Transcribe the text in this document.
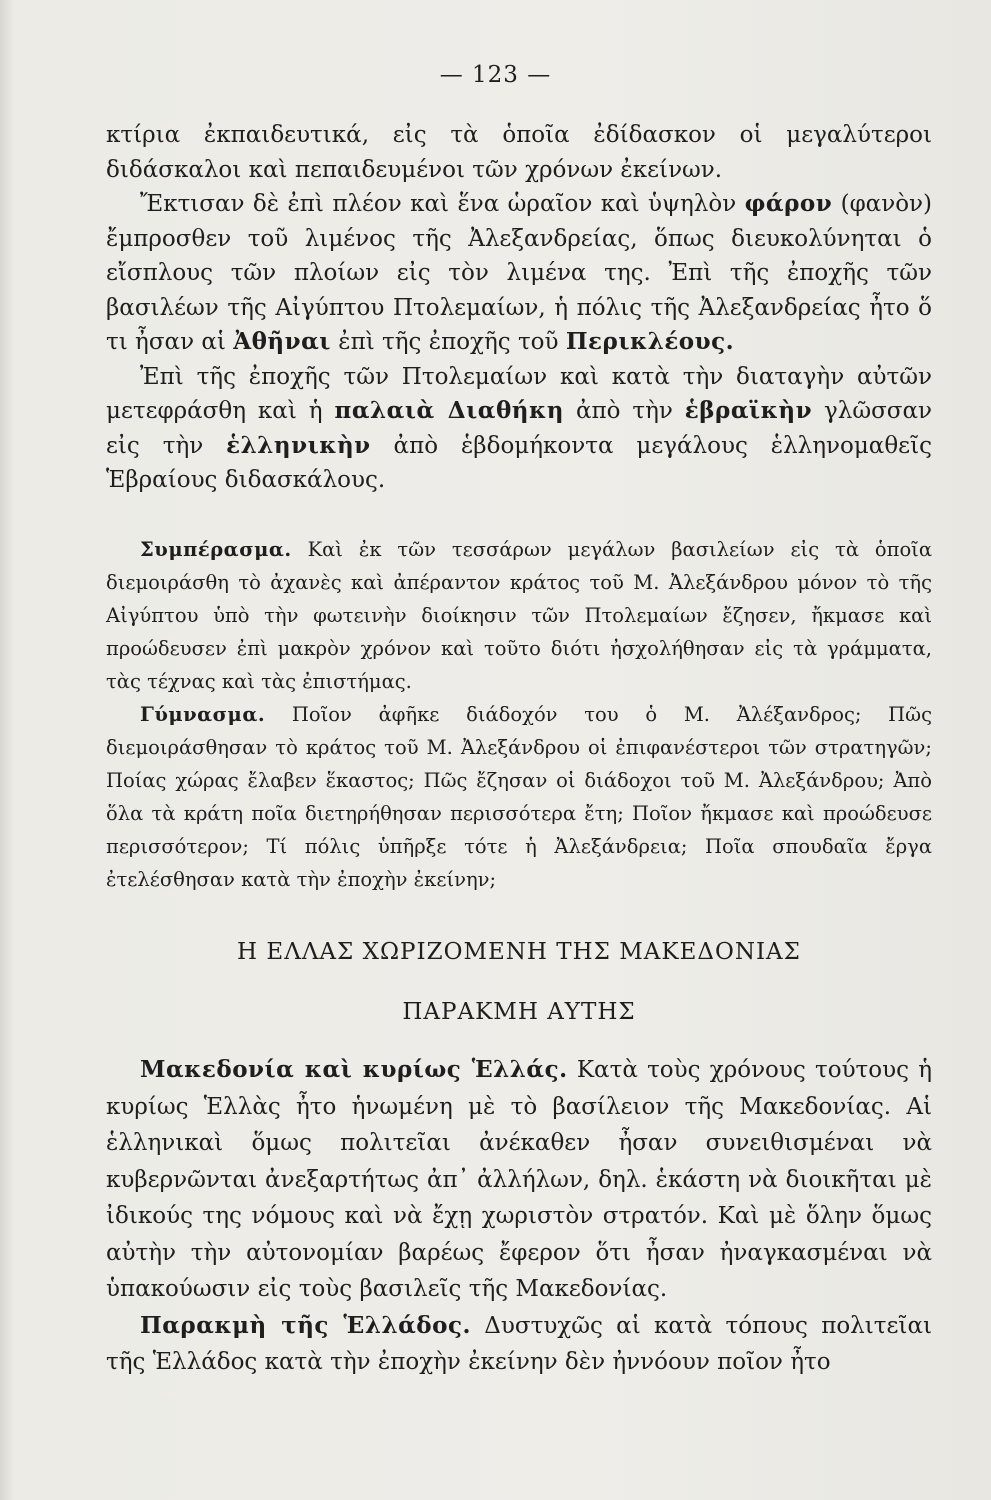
— 123 —

κτίρια ἐκπαιδευτικά, εἰς τὰ ὁποῖα ἐδίδασκον οἱ μεγαλύτεροι διδάσκαλοι καὶ πεπαιδευμένοι τῶν χρόνων ἐκείνων.

Ἔκτισαν δὲ ἐπὶ πλέον καὶ ἕνα ὡραῖον καὶ ὑψηλὸν φάρον (φανὸν) ἔμπροσθεν τοῦ λιμένος τῆς Ἀλεξανδρείας, ὅπως διευκολύνηται ὁ εἴσπλους τῶν πλοίων εἰς τὸν λιμένα της. Ἐπὶ τῆς ἐποχῆς τῶν βασιλέων τῆς Αἰγύπτου Πτολεμαίων, ἡ πόλις τῆς Ἀλεξανδρείας ἦτο ὅ τι ἦσαν αἱ Ἀθῆναι ἐπὶ τῆς ἐποχῆς τοῦ Περικλέους.

Ἐπὶ τῆς ἐποχῆς τῶν Πτολεμαίων καὶ κατὰ τὴν διαταγὴν αὐτῶν μετεφράσθη καὶ ἡ παλαιὰ Διαθήκη ἀπὸ τὴν ἑβραϊκὴν γλῶσσαν εἰς τὴν ἑλληνικὴν ἀπὸ ἑβδομήκοντα μεγάλους ἑλληνομαθεῖς Ἑβραίους διδασκάλους.

Συμπέρασμα. Καὶ ἐκ τῶν τεσσάρων μεγάλων βασιλείων εἰς τὰ ὁποῖα διεμοιράσθη τὸ ἀχανὲς καὶ ἀπέραντον κράτος τοῦ Μ. Ἀλεξάνδρου μόνον τὸ τῆς Αἰγύπτου ὑπὸ τὴν φωτεινὴν διοίκησιν τῶν Πτολεμαίων ἔζησεν, ἤκμασε καὶ προώδευσεν ἐπὶ μακρὸν χρόνον καὶ τοῦτο διότι ἠσχολήθησαν εἰς τὰ γράμματα, τὰς τέχνας καὶ τὰς ἐπιστήμας.

Γύμνασμα. Ποῖον ἀφῆκε διάδοχόν του ὁ Μ. Ἀλέξανδρος; Πῶς διεμοιράσθησαν τὸ κράτος τοῦ Μ. Ἀλεξάνδρου οἱ ἐπιφανέστεροι τῶν στρατηγῶν; Ποίας χώρας ἔλαβεν ἕκαστος; Πῶς ἔζησαν οἱ διάδοχοι τοῦ Μ. Ἀλεξάνδρου; Ἀπὸ ὅλα τὰ κράτη ποῖα διετηρήθησαν περισσότερα ἔτη; Ποῖον ἤκμασε καὶ προώδευσε περισσότερον; Τί πόλις ὑπῆρξε τότε ἡ Ἀλεξάνδρεια; Ποῖα σπουδαῖα ἔργα ἐτελέσθησαν κατὰ τὴν ἐποχὴν ἐκείνην;

Η ΕΛΛΑΣ ΧΩΡΙΖΟΜΕΝΗ ΤΗΣ ΜΑΚΕΔΟΝΙΑΣ

ΠΑΡΑΚΜΗ ΑΥΤΗΣ

Μακεδονία καὶ κυρίως Ἑλλάς. Κατὰ τοὺς χρόνους τούτους ἡ κυρίως Ἑλλὰς ἦτο ἡνωμένη μὲ τὸ βασίλειον τῆς Μακεδονίας. Αἱ ἑλληνικαὶ ὅμως πολιτεῖαι ἀνέκαθεν ἦσαν συνειθισμέναι νὰ κυβερνῶνται ἀνεξαρτήτως ἀπ᾽ ἀλλήλων, δηλ. ἑκάστη νὰ διοικῆται μὲ ἰδικούς της νόμους καὶ νὰ ἔχῃ χωριστὸν στρατόν. Καὶ μὲ ὅλην ὅμως αὐτὴν τὴν αὐτονομίαν βαρέως ἔφερον ὅτι ἦσαν ἠναγκασμέναι νὰ ὑπακούωσιν εἰς τοὺς βασιλεῖς τῆς Μακεδονίας.

Παρακμὴ τῆς Ἑλλάδος. Δυστυχῶς αἱ κατὰ τόπους πολιτεῖαι τῆς Ἑλλάδος κατὰ τὴν ἐποχὴν ἐκείνην δὲν ἠννόουν ποῖον ἦτο
